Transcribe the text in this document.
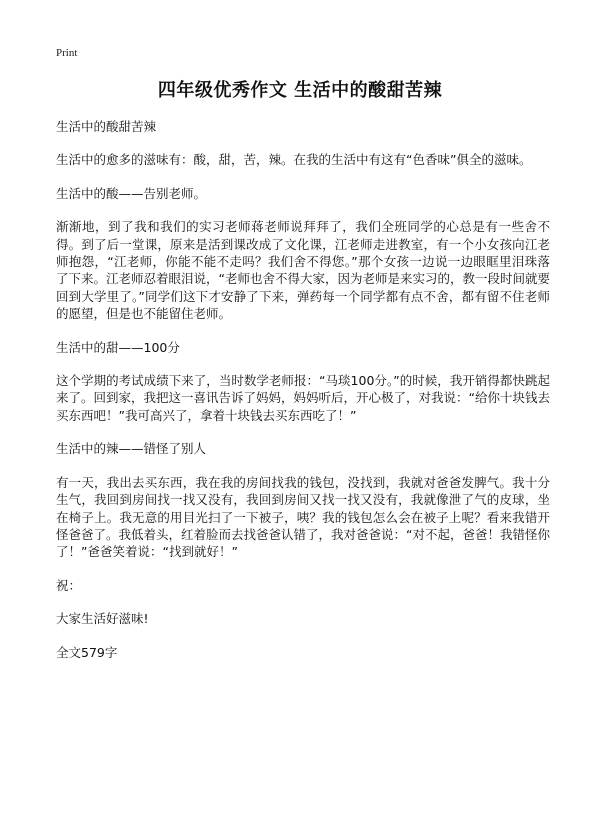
Print
四年级优秀作文 生活中的酸甜苦辣

生活中的酸甜苦辣

生活中的愈多的滋味有：酸，甜，苦，辣。在我的生活中有这有“色香味”俱全的滋味。

生活中的酸——告别老师。

渐渐地，到了我和我们的实习老师蒋老师说拜拜了，我们全班同学的心总是有一些舍不得。到了后一堂课，原来是活到课改成了文化课，江老师走进教室，有一个小女孩向江老师抱怨，“江老师，你能不能不走吗？我们舍不得您。”那个女孩一边说一边眼眶里泪珠落了下来。江老师忍着眼泪说，“老师也舍不得大家，因为老师是来实习的，教一段时间就要回到大学里了。”同学们这下才安静了下来，弹药每一个同学都有点不舍，都有留不住老师的愿望，但是也不能留住老师。

生活中的甜——100分

这个学期的考试成绩下来了，当时数学老师报：“马琰100分。”的时候，我开销得都快跳起来了。回到家，我把这一喜讯告诉了妈妈，妈妈听后，开心极了，对我说：“给你十块钱去买东西吧！”我可高兴了，拿着十块钱去买东西吃了！”

生活中的辣——错怪了别人

有一天，我出去买东西，我在我的房间找我的钱包，没找到，我就对爸爸发脾气。我十分生气，我回到房间找一找又没有，我回到房间又找一找又没有，我就像泄了气的皮球，坐在椅子上。我无意的用目光扫了一下被子，咦？我的钱包怎么会在被子上呢？看来我错开怪爸爸了。我低着头，红着脸而去找爸爸认错了，我对爸爸说：“对不起，爸爸！我错怪你了！”爸爸笑着说：“找到就好！”

祝：

大家生活好滋味!

全文579字
